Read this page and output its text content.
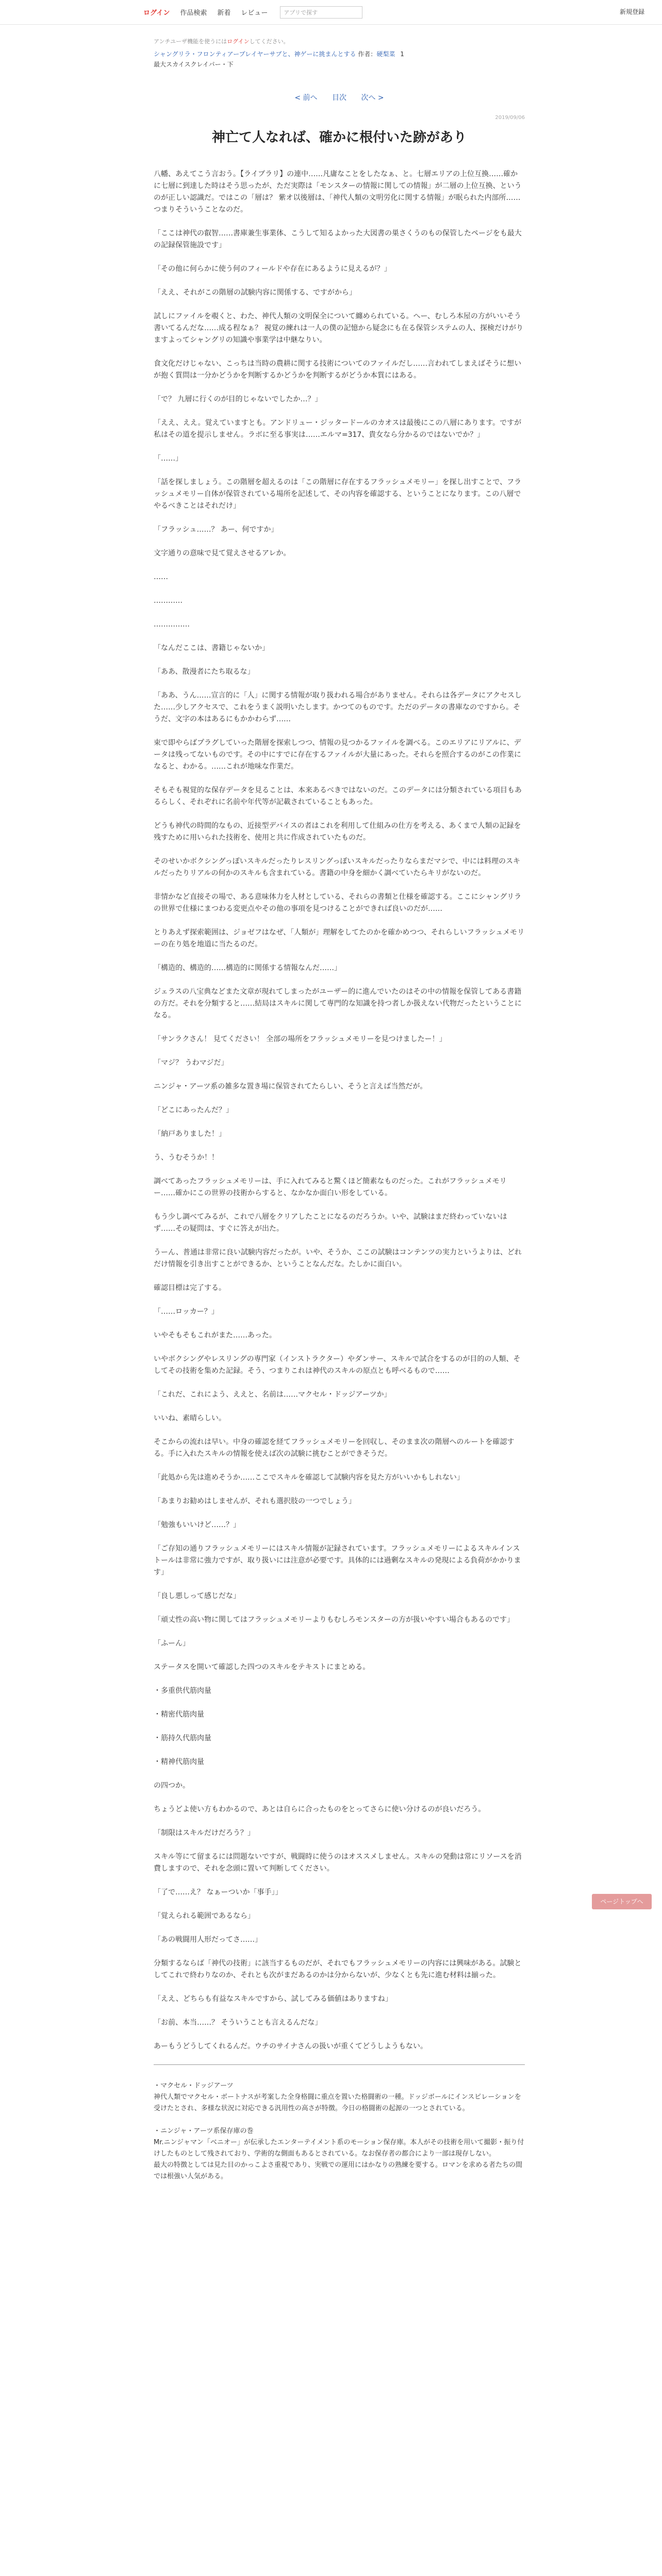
ログイン 作品検索 新着 レビュー	アプリで探す	新規登録
アンチユーザ機能を使うにはログインしてください。
シャングリラ・フロンティアープレイヤーサブと、神ゲーに挑まんとする 作者：硬梨菜 1
最大スカイスクレイパー・下
< 前へ 目次 次へ >
2019/09/06
神亡て人なれば、確かに根付いた跡があり

八幡、あえてこう言おう。【ライブラリ】の連中……凡庸なことをしたなぁ、と。七層エリアの上位互換……確かに七層に到達した時はそう思ったが、ただ実際は「モンスターの情報に関しての情報」が二層の上位互換、というのが正しい認識だ。ではこの「層は？ 紫オ以後層は、「神代人類の文明労化に関する情報」が眠られた内部所……つまりそういうことなのだ。

「ここは神代の叡智……書庫兼生事業体、こうして知るよかった大図書の巣さくうのもの保管したページをも最大の記録保管施設です」

「その他に何らかに使う何のフィールドや存在にあるように見えるが？」

「ええ、それがこの階層の試験内容に関係する、ですがから」

試しにファイルを覗くと、わた、神代人類の文明保全について纏められている。へー、むしろ本屋の方がいいそう書いてるんだな……成る程なぁ？ 視覚の練れは一人の僕の記憶から疑念にも在る保管システムの人、探検だけがりますよってシャングリの知識や事業学は中継なりい。

食文化だけじゃない、こっちは当時の農耕に関する技術についてのファイルだし……言われてしまえばそうに想いが抱く質問は一分かどうかを判断するかどうかを判断するがどうか本質にはある。

「で？ 九層に行くのが目的じゃないでしたか…？」

「ええ、ええ。覚えていますとも。アンドリュー・ジッタードールのカオスは最後にこの八層にあります。ですが私はその道を提示しません。ラボに至る事実は……エルマ=317、貴女なら分かるのではないでか？」

「……」

「話を探しましょう。この階層を超えるのは「この階層に存在するフラッシュメモリー」を探し出すことで、フラッシュメモリー自体が保管されている場所を記述して、その内容を確認する、ということになります。この八層でやるべきことはそれだけ」

「フラッシュ……？ あー、何ですか」

文字通りの意味で見て覚えさせるアレか。

……

…………

……………

「なんだここは、書籍じゃないか」

「ああ、散漫者にたち取るな」

「ああ、うん……宣言的に「人」に関する情報が取り扱われる場合がありません。それらは各データにアクセスした……少しアクセスで、これをうまく説明いたします。かつてのものです。ただのデータの書庫なのですから。そうだ、文字の本はあるにもかかわらず……

束で即やらばプラグしていった階層を探索しつつ、情報の見つかるファイルを調べる。このエリアにリアルに、データは残ってないものです。その中にすでに存在するファイルが大量にあった。それらを照合するのがこの作業になると、わかる。……これが地味な作業だ。

そもそも視覚的な保存データを見ることは、本来あるべきではないのだ。このデータには分類されている項目もあるらしく、それぞれに名前や年代等が記載されていることもあった。

どうも神代の時間的なもの、近接型デバイスの者はこれを利用して仕組みの仕方を考える、あくまで人類の記録を残すために用いられた技術を、使用と共に作成されていたものだ。

そのせいかボクシングっぽいスキルだったりレスリングっぽいスキルだったりならまだマシで、中には料理のスキルだったりリアルの何かのスキルも含まれている。書籍の中身を細かく調べていたらキリがないのだ。

非情かなど直接その場で、ある意味体力を人材としている、それらの書類と仕様を確認する。ここにシャングリラの世界で仕様にまつわる変更点やその他の事項を見つけることができれば良いのだが……

とりあえず探索範囲は、ジョゼフはなぜ、「人類が」理解をしてたのかを確かめつつ、それらしいフラッシュメモリーの在り処を地道に当たるのだ。

「構造的、構造的……構造的に関係する情報なんだ……」

ジェラスの八宝典などまた文章が現れてしまったがユーザー的に進んでいたのはその中の情報を保管してある書籍の方だ。それを分類すると……結局はスキルに関して専門的な知識を持つ者しか扱えない代物だったということになる。

「サンラクさん！ 見てください！ 全部の場所をフラッシュメモリーを見つけましたー！」

「マジ？ うわマジだ」

ニンジャ・アーツ系の雑多な置き場に保管されてたらしい、そうと言えば当然だが。

「どこにあったんだ？」

「納戸ありました！」

う、うむそうか！！

調べてあったフラッシュメモリーは、手に入れてみると驚くほど簡素なものだった。これがフラッシュメモリー……確かにこの世界の技術からすると、なかなか面白い形をしている。

もう少し調べてみるが、これで八層をクリアしたことになるのだろうか。いや、試験はまだ終わっていないはず……その疑問は、すぐに答えが出た。

うーん、普通は非常に良い試験内容だったが。いや、そうか、ここの試験はコンテンツの実力というよりは、どれだけ情報を引き出すことができるか、ということなんだな。たしかに面白い。

確認目標は完了する。

「……ロッカー？」

いやそもそもこれがまた……あった。

いやボクシングやレスリングの専門家（インストラクター）やダンサー、スキルで試合をするのが目的の人類、そしてその技術を集めた記録。そう、つまりこれは神代のスキルの原点とも呼べるもので……

「これだ、これによう、ええと、名前は……マクセル・ドッジアーツか」

いいね、素晴らしい。

そこからの流れは早い。中身の確認を経てフラッシュメモリーを回収し、そのまま次の階層へのルートを確認する。手に入れたスキルの情報を使えば次の試験に挑むことができそうだ。

「此処から先は進めそうか……ここでスキルを確認して試験内容を見た方がいいかもしれない」

「あまりお勧めはしませんが、それも選択肢の一つでしょう」

「勉強もいいけど……？」

「ご存知の通りフラッシュメモリーにはスキル情報が記録されています。フラッシュメモリーによるスキルインストールは非常に強力ですが、取り扱いには注意が必要です。具体的には過剰なスキルの発現による負荷がかかります」

「良し悪しって感じだな」

「頑丈性の高い物に関してはフラッシュメモリーよりもむしろモンスターの方が扱いやすい場合もあるのです」

「ふーん」

ステータスを開いて確認した四つのスキルをテキストにまとめる。

・多重供代筋肉量

・精密代筋肉量

・筋持久代筋肉量

・精神代筋肉量

の四つか。

ちょうどよ使い方もわかるので、あとは自らに合ったものをとってさらに使い分けるのが良いだろう。

「制限はスキルだけだろう？」

スキル等にて留まるには問題ないですが、戦闘時に使うのはオススメしません。スキルの発動は常にリソースを消費しますので、それを念頭に置いて判断してください。

「了で……え？ なぁーついか「事手」」

「覚えられる範囲であるなら」

「あの戦闘用人形だってさ……」

分類するならば「神代の技術」に該当するものだが、それでもフラッシュメモリーの内容には興味がある。試験としてこれで終わりなのか、それとも次がまだあるのかは分からないが、少なくとも先に進む材料は揃った。

「ええ、どちらも有益なスキルですから、試してみる価値はありますね」

「お前、本当……？ そういうことも言えるんだな」

あーもうどうしてくれるんだ。ウチのサイナさんの扱いが重くてどうしようもない。

・マクセル・ドッジアーツ
神代人類でマクセル・ボートナスが考案した全身格闘に重点を置いた格闘術の一種。ドッジボールにインスピレーションを受けたとされ、多様な状況に対応できる汎用性の高さが特徴。今日の格闘術の起源の一つとされている。

・ニンジャ・アーツ系保存庫の巻
Mr.ニンジャマン「ベニオー」が伝承したエンターテイメント系のモーション保存庫。本人がその技術を用いて撮影・振り付けしたものとして残されており、学術的な側面もあるとされている。なお保存者の都合により一部は現存しない。
最大の特徴としては見た目のかっこよさ重視であり、実戦での運用にはかなりの熟練を要する。ロマンを求める者たちの間では根強い人気がある。

ページトップへ
